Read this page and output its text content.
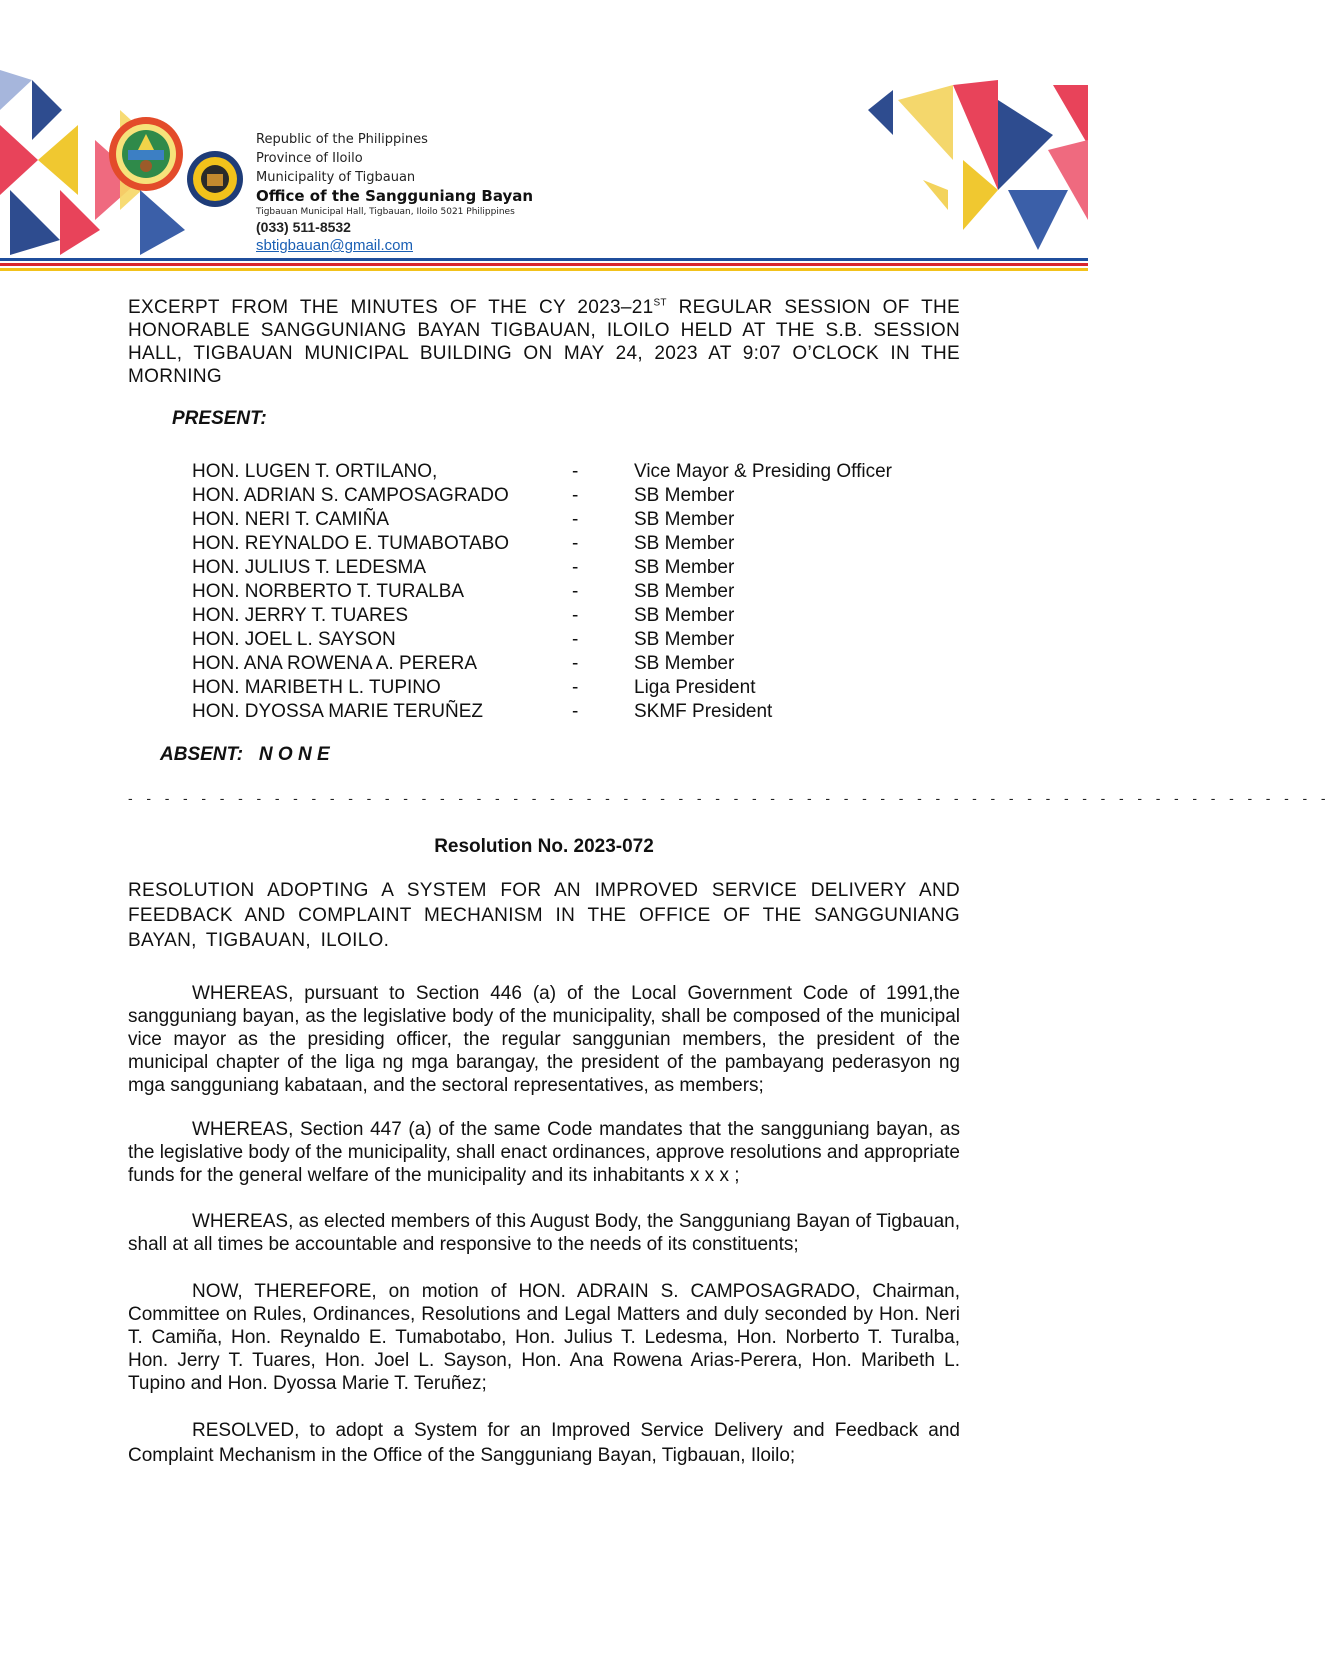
Republic of the Philippines
Province of Iloilo
Municipality of Tigbauan
Office of the Sangguniang Bayan
Tigbauan Municipal Hall, Tigbauan, Iloilo 5021 Philippines
(033) 511-8532
sbtigbauan@gmail.com
EXCERPT FROM THE MINUTES OF THE CY 2023–21ST REGULAR SESSION OF THE HONORABLE SANGGUNIANG BAYAN TIGBAUAN, ILOILO HELD AT THE S.B. SESSION HALL, TIGBAUAN MUNICIPAL BUILDING ON MAY 24, 2023 AT 9:07 O’CLOCK IN THE MORNING
PRESENT:
HON. LUGEN T. ORTILANO,	-	Vice Mayor & Presiding Officer
HON. ADRIAN S. CAMPOSAGRADO	-	SB Member
HON. NERI T. CAMIÑA	-	SB Member
HON. REYNALDO E. TUMABOTABO	-	SB Member
HON. JULIUS T. LEDESMA	-	SB Member
HON. NORBERTO T. TURALBA	-	SB Member
HON. JERRY T. TUARES	-	SB Member
HON. JOEL L. SAYSON	-	SB Member
HON. ANA ROWENA A. PERERA	-	SB Member
HON. MARIBETH L. TUPINO	-	Liga President
HON. DYOSSA MARIE TERUÑEZ	-	SKMF President
ABSENT: N O N E
- - - - - - - - - - - - - - - - - - - - - - - - - - - - - - - - - - - - - - - - - - - - - - - - - - - - - - - - - - - - - - - - - -
Resolution No. 2023-072
RESOLUTION ADOPTING A SYSTEM FOR AN IMPROVED SERVICE DELIVERY AND FEEDBACK AND COMPLAINT MECHANISM IN THE OFFICE OF THE SANGGUNIANG BAYAN, TIGBAUAN, ILOILO.
WHEREAS, pursuant to Section 446 (a) of the Local Government Code of 1991,the sangguniang bayan, as the legislative body of the municipality, shall be composed of the municipal vice mayor as the presiding officer, the regular sanggunian members, the president of the municipal chapter of the liga ng mga barangay, the president of the pambayang pederasyon ng mga sangguniang kabataan, and the sectoral representatives, as members;
WHEREAS, Section 447 (a) of the same Code mandates that the sangguniang bayan, as the legislative body of the municipality, shall enact ordinances, approve resolutions and appropriate funds for the general welfare of the municipality and its inhabitants x x x ;
WHEREAS, as elected members of this August Body, the Sangguniang Bayan of Tigbauan, shall at all times be accountable and responsive to the needs of its constituents;
NOW, THEREFORE, on motion of HON. ADRAIN S. CAMPOSAGRADO, Chairman, Committee on Rules, Ordinances, Resolutions and Legal Matters and duly seconded by Hon. Neri T. Camiña, Hon. Reynaldo E. Tumabotabo, Hon. Julius T. Ledesma, Hon. Norberto T. Turalba, Hon. Jerry T. Tuares, Hon. Joel L. Sayson, Hon. Ana Rowena Arias-Perera, Hon. Maribeth L. Tupino and Hon. Dyossa Marie T. Teruñez;
RESOLVED, to adopt a System for an Improved Service Delivery and Feedback and Complaint Mechanism in the Office of the Sangguniang Bayan, Tigbauan, Iloilo;
